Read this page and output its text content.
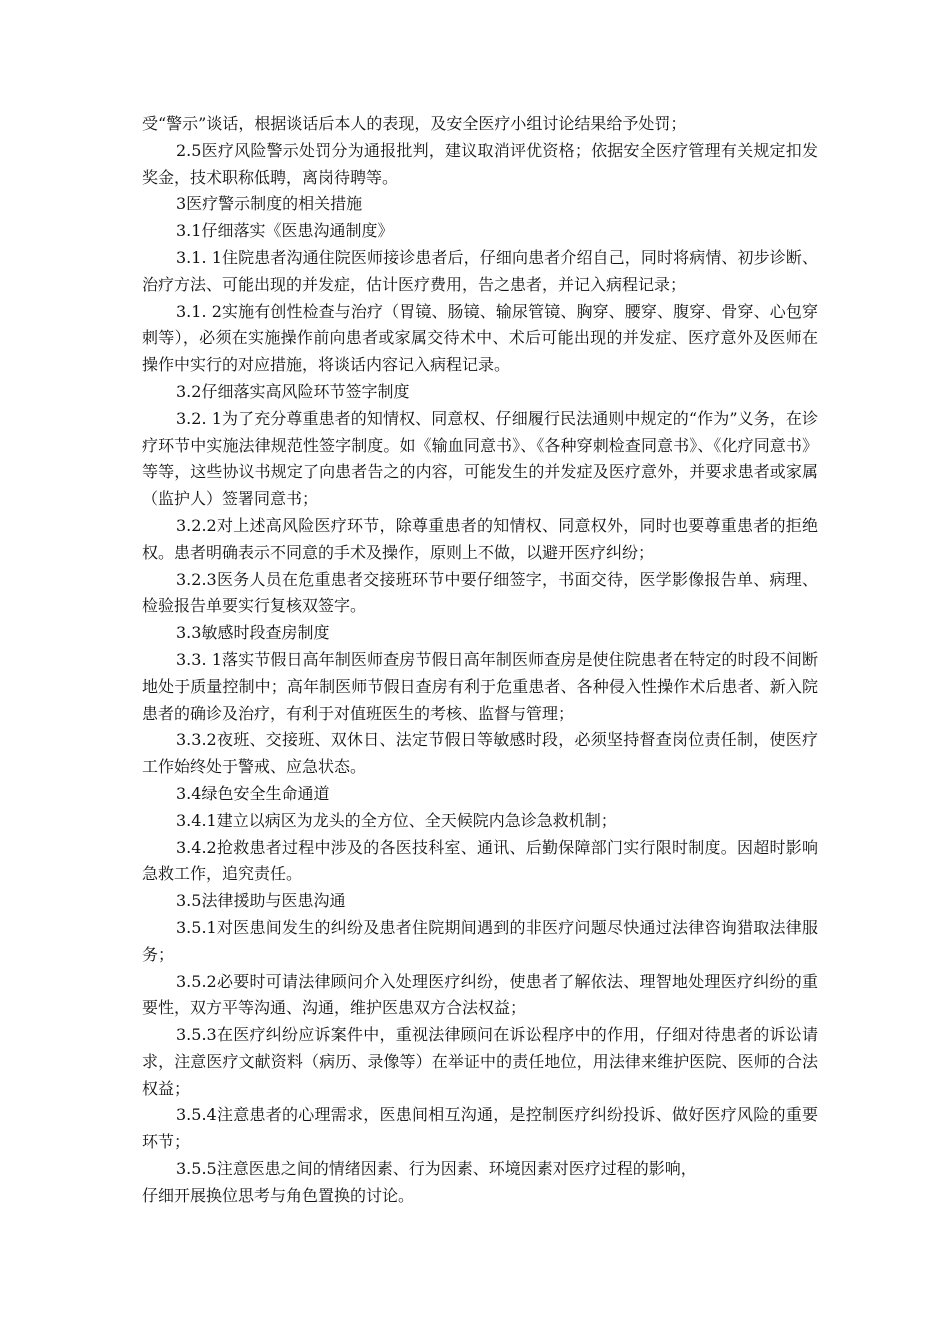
受“警示”谈话，根据谈话后本人的表现，及安全医疗小组讨论结果给予处罚；

2.5医疗风险警示处罚分为通报批判，建议取消评优资格；依据安全医疗管理有关规定扣发奖金，技术职称低聘，离岗待聘等。

3医疗警示制度的相关措施

3.1仔细落实《医患沟通制度》

3.1. 1住院患者沟通住院医师接诊患者后，仔细向患者介绍自己，同时将病情、初步诊断、治疗方法、可能出现的并发症，估计医疗费用，告之患者，并记入病程记录；

3.1. 2实施有创性检查与治疗（胃镜、肠镜、输尿管镜、胸穿、腰穿、腹穿、骨穿、心包穿刺等），必须在实施操作前向患者或家属交待术中、术后可能出现的并发症、医疗意外及医师在操作中实行的对应措施，将谈话内容记入病程记录。

3.2仔细落实高风险环节签字制度

3.2. 1为了充分尊重患者的知情权、同意权、仔细履行民法通则中规定的“作为”义务，在诊疗环节中实施法律规范性签字制度。如《输血同意书》、《各种穿刺检查同意书》、《化疗同意书》等等，这些协议书规定了向患者告之的内容，可能发生的并发症及医疗意外，并要求患者或家属（监护人）签署同意书；

3.2.2对上述高风险医疗环节，除尊重患者的知情权、同意权外，同时也要尊重患者的拒绝权。患者明确表示不同意的手术及操作，原则上不做，以避开医疗纠纷；

3.2.3医务人员在危重患者交接班环节中要仔细签字，书面交待，医学影像报告单、病理、检验报告单要实行复核双签字。

3.3敏感时段查房制度

3.3. 1落实节假日高年制医师查房节假日高年制医师查房是使住院患者在特定的时段不间断地处于质量控制中；高年制医师节假日查房有利于危重患者、各种侵入性操作术后患者、新入院患者的确诊及治疗，有利于对值班医生的考核、监督与管理；

3.3.2夜班、交接班、双休日、法定节假日等敏感时段，必须坚持督查岗位责任制，使医疗工作始终处于警戒、应急状态。

3.4绿色安全生命通道

3.4.1建立以病区为龙头的全方位、全天候院内急诊急救机制；

3.4.2抢救患者过程中涉及的各医技科室、通讯、后勤保障部门实行限时制度。因超时影响急救工作，追究责任。

3.5法律援助与医患沟通

3.5.1对医患间发生的纠纷及患者住院期间遇到的非医疗问题尽快通过法律咨询猎取法律服务；

3.5.2必要时可请法律顾问介入处理医疗纠纷，使患者了解依法、理智地处理医疗纠纷的重要性，双方平等沟通、沟通，维护医患双方合法权益；

3.5.3在医疗纠纷应诉案件中，重视法律顾问在诉讼程序中的作用，仔细对待患者的诉讼请求，注意医疗文献资料（病历、录像等）在举证中的责任地位，用法律来维护医院、医师的合法权益；

3.5.4注意患者的心理需求，医患间相互沟通，是控制医疗纠纷投诉、做好医疗风险的重要环节；

3.5.5注意医患之间的情绪因素、行为因素、环境因素对医疗过程的影响，

仔细开展换位思考与角色置换的讨论。
